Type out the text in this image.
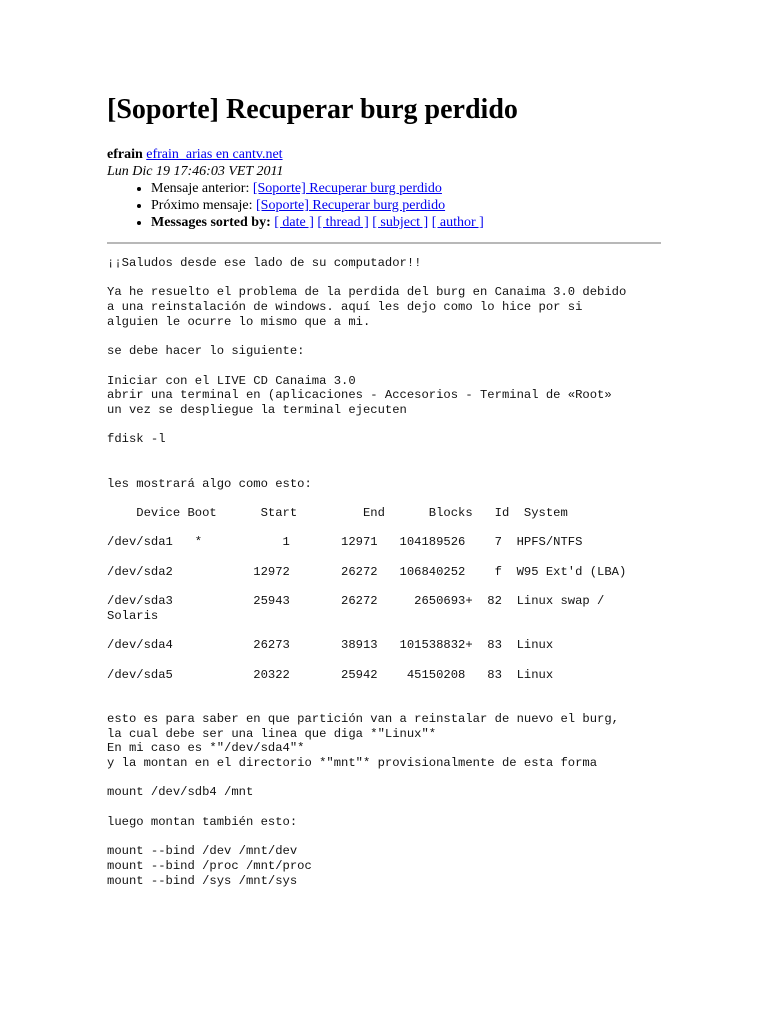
[Soporte] Recuperar burg perdido
efrain efrain_arias en cantv.net
Lun Dic 19 17:46:03 VET 2011
• Mensaje anterior: [Soporte] Recuperar burg perdido
• Próximo mensaje: [Soporte] Recuperar burg perdido
• Messages sorted by: [ date ] [ thread ] [ subject ] [ author ]
¡¡Saludos desde ese lado de su computador!!

Ya he resuelto el problema de la perdida del burg en Canaima 3.0 debido
a una reinstalación de windows. aquí les dejo como lo hice por si
alguien le ocurre lo mismo que a mi.

se debe hacer lo siguiente:

Iniciar con el LIVE CD Canaima 3.0
abrir una terminal en (aplicaciones - Accesorios - Terminal de «Root»
un vez se despliegue la terminal ejecuten

fdisk -l

les mostrará algo como esto:

Device Boot      Start         End      Blocks   Id  System

/dev/sda1   *           1       12971   104189526    7  HPFS/NTFS

/dev/sda2           12972       26272   106840252    f  W95 Ext'd (LBA)

/dev/sda3           25943       26272     2650693+  82  Linux swap /
Solaris

/dev/sda4           26273       38913   101538832+  83  Linux

/dev/sda5           20322       25942    45150208   83  Linux

esto es para saber en que partición van a reinstalar de nuevo el burg,
la cual debe ser una linea que diga *"Linux"*
En mi caso es *"/dev/sda4"*
y la montan en el directorio *"mnt"* provisionalmente de esta forma

mount /dev/sdb4 /mnt

luego montan también esto:

mount --bind /dev /mnt/dev
mount --bind /proc /mnt/proc
mount --bind /sys /mnt/sys
